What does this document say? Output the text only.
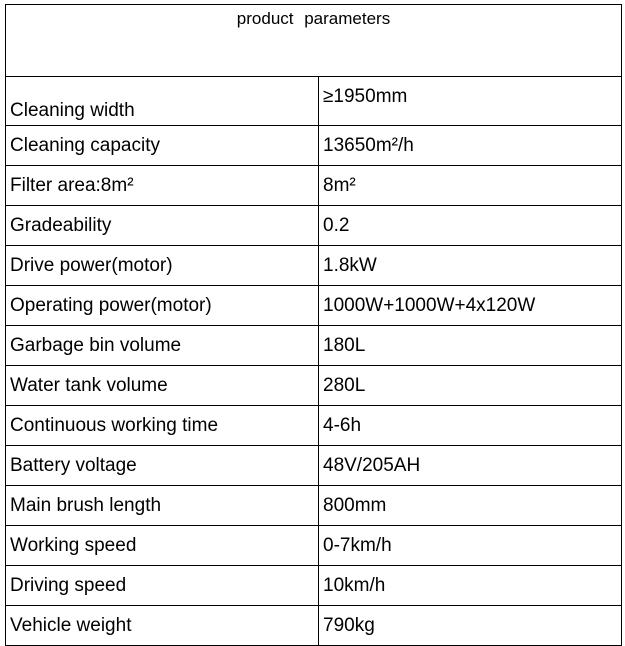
product parameters	
Cleaning width	≥1950mm
Cleaning capacity	13650m²/h
Filter area:8m²	8m²
Gradeability	0.2
Drive power(motor)	1.8kW
Operating power(motor)	1000W+1000W+4x120W
Garbage bin volume	180L
Water tank volume	280L
Continuous working time	4-6h
Battery voltage	48V/205AH
Main brush length	800mm
Working speed	0-7km/h
Driving speed	10km/h
Vehicle weight	790kg
